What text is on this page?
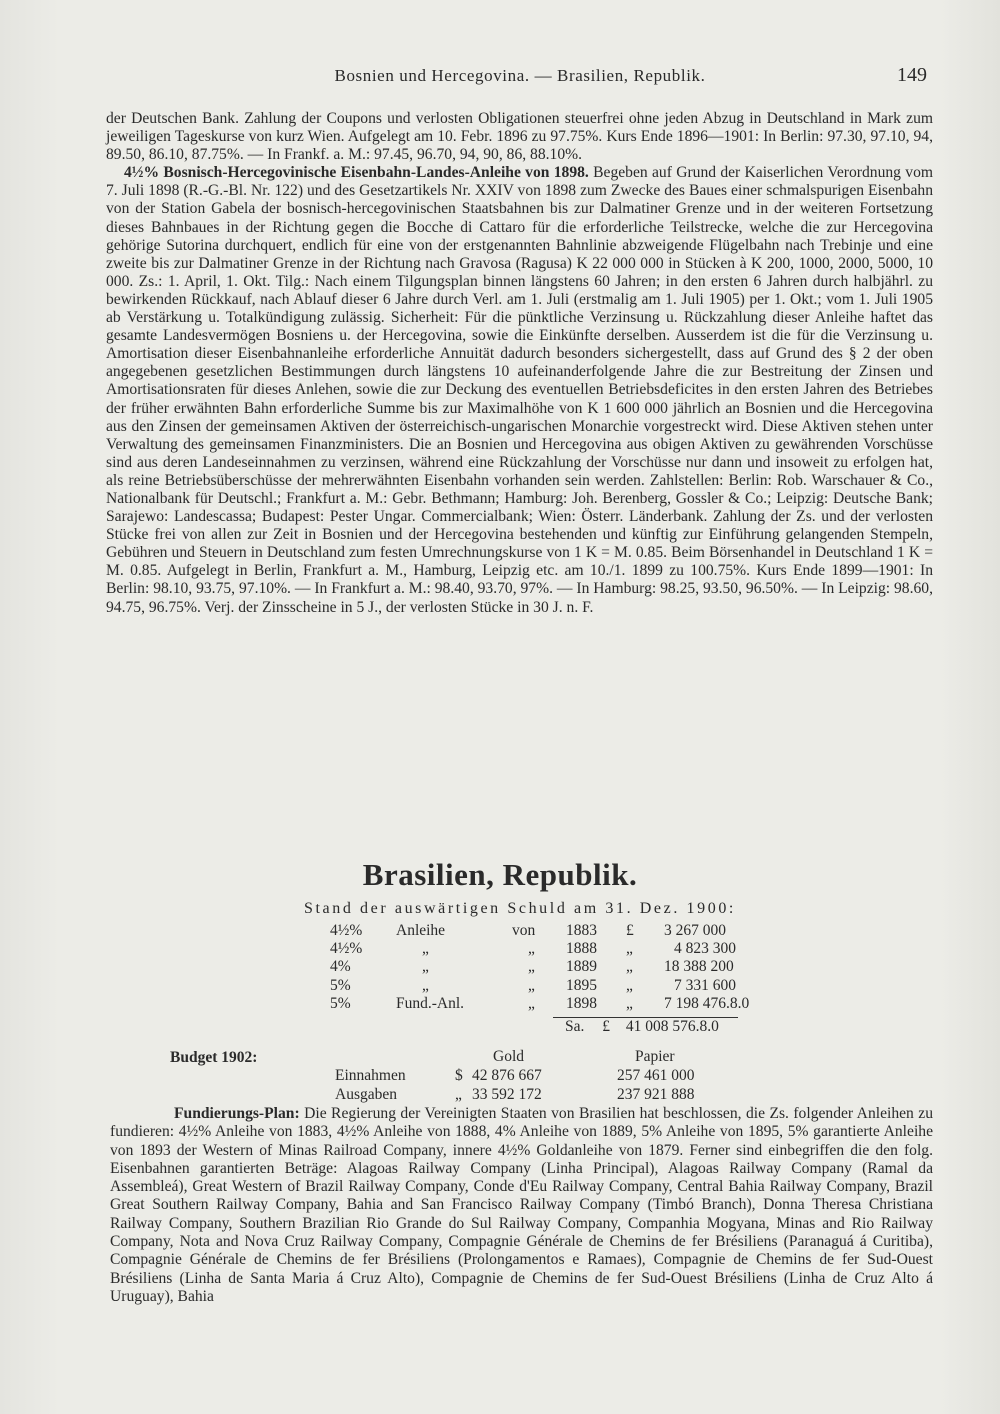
Bosnien und Hercegovina. — Brasilien, Republik.	149

der Deutschen Bank. Zahlung der Coupons und verlosten Obligationen steuerfrei ohne jeden Abzug in Deutschland in Mark zum jeweiligen Tageskurse von kurz Wien. Aufgelegt am 10. Febr. 1896 zu 97.75%. Kurs Ende 1896—1901: In Berlin: 97.30, 97.10, 94, 89.50, 86.10, 87.75%. — In Frankf. a. M.: 97.45, 96.70, 94, 90, 86, 88.10%.

4½% Bosnisch-Hercegovinische Eisenbahn-Landes-Anleihe von 1898. Begeben auf Grund der Kaiserlichen Verordnung vom 7. Juli 1898 (R.-G.-Bl. Nr. 122) und des Gesetzartikels Nr. XXIV von 1898 zum Zwecke des Baues einer schmalspurigen Eisenbahn von der Station Gabela der bosnisch-hercegovinischen Staatsbahnen bis zur Dalmatiner Grenze und in der weiteren Fortsetzung dieses Bahnbaues in der Richtung gegen die Bocche di Cattaro für die erforderliche Teilstrecke, welche die zur Hercegovina gehörige Sutorina durchquert, endlich für eine von der erstgenannten Bahnlinie abzweigende Flügelbahn nach Trebinje und eine zweite bis zur Dalmatiner Grenze in der Richtung nach Gravosa (Ragusa) K 22 000 000 in Stücken à K 200, 1000, 2000, 5000, 10 000. Zs.: 1. April, 1. Okt. Tilg.: Nach einem Tilgungsplan binnen längstens 60 Jahren; in den ersten 6 Jahren durch halbjährl. zu bewirkenden Rückkauf, nach Ablauf dieser 6 Jahre durch Verl. am 1. Juli (erstmalig am 1. Juli 1905) per 1. Okt.; vom 1. Juli 1905 ab Verstärkung u. Totalkündigung zulässig. Sicherheit: Für die pünktliche Verzinsung u. Rückzahlung dieser Anleihe haftet das gesamte Landesvermögen Bosniens u. der Hercegovina, sowie die Einkünfte derselben. Ausserdem ist die für die Verzinsung u. Amortisation dieser Eisenbahnanleihe erforderliche Annuität dadurch besonders sichergestellt, dass auf Grund des § 2 der oben angegebenen gesetzlichen Bestimmungen durch längstens 10 aufeinanderfolgende Jahre die zur Bestreitung der Zinsen und Amortisationsraten für dieses Anlehen, sowie die zur Deckung des eventuellen Betriebsdeficites in den ersten Jahren des Betriebes der früher erwähnten Bahn erforderliche Summe bis zur Maximalhöhe von K 1 600 000 jährlich an Bosnien und die Hercegovina aus den Zinsen der gemeinsamen Aktiven der österreichisch-ungarischen Monarchie vorgestreckt wird. Diese Aktiven stehen unter Verwaltung des gemeinsamen Finanzministers. Die an Bosnien und Hercegovina aus obigen Aktiven zu gewährenden Vorschüsse sind aus deren Landeseinnahmen zu verzinsen, während eine Rückzahlung der Vorschüsse nur dann und insoweit zu erfolgen hat, als reine Betriebsüberschüsse der mehrerwähnten Eisenbahn vorhanden sein werden. Zahlstellen: Berlin: Rob. Warschauer & Co., Nationalbank für Deutschl.; Frankfurt a. M.: Gebr. Bethmann; Hamburg: Joh. Berenberg, Gossler & Co.; Leipzig: Deutsche Bank; Sarajewo: Landescassa; Budapest: Pester Ungar. Commercialbank; Wien: Österr. Länderbank. Zahlung der Zs. und der verlosten Stücke frei von allen zur Zeit in Bosnien und der Hercegovina bestehenden und künftig zur Einführung gelangenden Stempeln, Gebühren und Steuern in Deutschland zum festen Umrechnungskurse von 1 K = M. 0.85. Beim Börsenhandel in Deutschland 1 K = M. 0.85. Aufgelegt in Berlin, Frankfurt a. M., Hamburg, Leipzig etc. am 10./1. 1899 zu 100.75%. Kurs Ende 1899—1901: In Berlin: 98.10, 93.75, 97.10%. — In Frankfurt a. M.: 98.40, 93.70, 97%. — In Hamburg: 98.25, 93.50, 96.50%. — In Leipzig: 98.60, 94.75, 96.75%. Verj. der Zinsscheine in 5 J., der verlosten Stücke in 30 J. n. F.

Brasilien, Republik.
Stand der auswärtigen Schuld am 31. Dez. 1900:
4½%	Anleihe	von	1883	£	3 267 000
4½%	„	„	1888	„	4 823 300
4%	„	„	1889	„	18 388 200
5%	„	„	1895	„	7 331 600
5%	Fund.-Anl.	„	1898	„	7 198 476.8.0
Sa. £ 41 008 576.8.0
Budget 1902:	Gold	Papier
Einnahmen	$ 42 876 667	257 461 000
Ausgaben	„ 33 592 172	237 921 888

Fundierungs-Plan: Die Regierung der Vereinigten Staaten von Brasilien hat beschlossen, die Zs. folgender Anleihen zu fundieren: 4½% Anleihe von 1883, 4½% Anleihe von 1888, 4% Anleihe von 1889, 5% Anleihe von 1895, 5% garantierte Anleihe von 1893 der Western of Minas Railroad Company, innere 4½% Goldanleihe von 1879. Ferner sind einbegriffen die den folg. Eisenbahnen garantierten Beträge: Alagoas Railway Company (Linha Principal), Alagoas Railway Company (Ramal da Assembleá), Great Western of Brazil Railway Company, Conde d'Eu Railway Company, Central Bahia Railway Company, Brazil Great Southern Railway Company, Bahia and San Francisco Railway Company (Timbó Branch), Donna Theresa Christiana Railway Company, Southern Brazilian Rio Grande do Sul Railway Company, Companhia Mogyana, Minas and Rio Railway Company, Nota and Nova Cruz Railway Company, Compagnie Générale de Chemins de fer Brésiliens (Paranaguá á Curitiba), Compagnie Générale de Chemins de fer Brésiliens (Prolongamentos e Ramaes), Compagnie de Chemins de fer Sud-Ouest Brésiliens (Linha de Santa Maria á Cruz Alto), Compagnie de Chemins de fer Sud-Ouest Brésiliens (Linha de Cruz Alto á Uruguay), Bahia
